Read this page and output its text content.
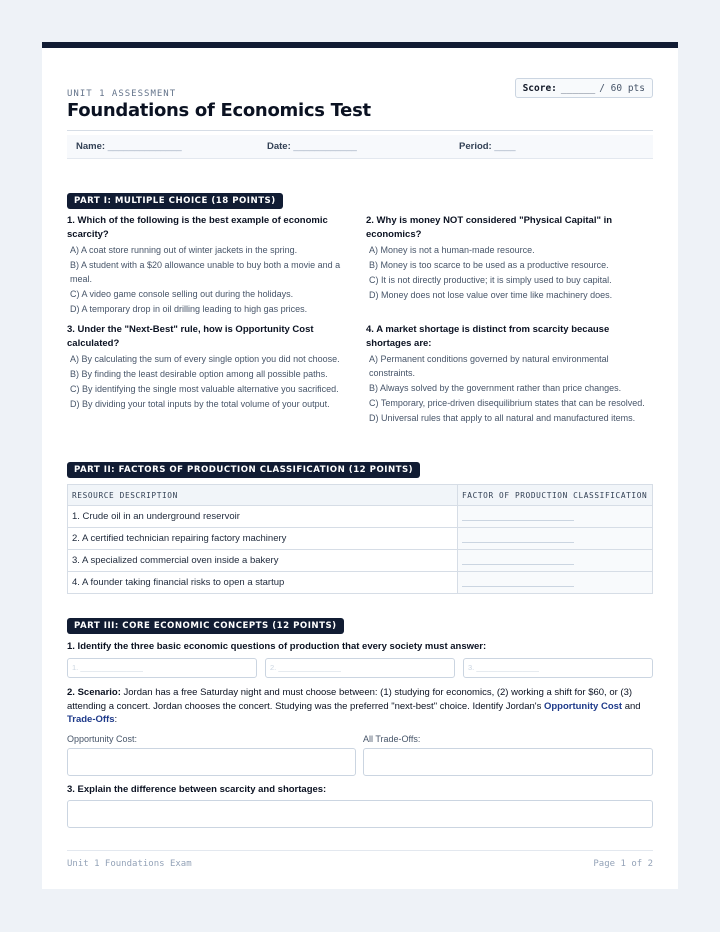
UNIT 1 ASSESSMENT
Score: ______ / 60 pts
Foundations of Economics Test
Name: ______________	Date: ____________	Period: ____
PART I: MULTIPLE CHOICE (18 POINTS)
1. Which of the following is the best example of economic scarcity?
A) A coat store running out of winter jackets in the spring.
B) A student with a $20 allowance unable to buy both a movie and a meal.
C) A video game console selling out during the holidays.
D) A temporary drop in oil drilling leading to high gas prices.
2. Why is money NOT considered "Physical Capital" in economics?
A) Money is not a human-made resource.
B) Money is too scarce to be used as a productive resource.
C) It is not directly productive; it is simply used to buy capital.
D) Money does not lose value over time like machinery does.
3. Under the "Next-Best" rule, how is Opportunity Cost calculated?
A) By calculating the sum of every single option you did not choose.
B) By finding the least desirable option among all possible paths.
C) By identifying the single most valuable alternative you sacrificed.
D) By dividing your total inputs by the total volume of your output.
4. A market shortage is distinct from scarcity because shortages are:
A) Permanent conditions governed by natural environmental constraints.
B) Always solved by the government rather than price changes.
C) Temporary, price-driven disequilibrium states that can be resolved.
D) Universal rules that apply to all natural and manufactured items.
PART II: FACTORS OF PRODUCTION CLASSIFICATION (12 POINTS)
RESOURCE DESCRIPTION	FACTOR OF PRODUCTION CLASSIFICATION
1. Crude oil in an underground reservoir	

2. A certified technician repairing factory machinery	

3. A specialized commercial oven inside a bakery	

4. A founder taking financial risks to open a startup	
PART III: CORE ECONOMIC CONCEPTS (12 POINTS)
1. Identify the three basic economic questions of production that every society must answer:
1. _______________	2. _______________	3. _______________
2. Scenario: Jordan has a free Saturday night and must choose between: (1) studying for economics, (2) working a shift for $60, or (3) attending a concert. Jordan chooses the concert. Studying was the preferred "next-best" choice. Identify Jordan's Opportunity Cost and Trade-Offs:
Opportunity Cost:	All Trade-Offs:
3. Explain the difference between scarcity and shortages:
Unit 1 Foundations Exam	Page 1 of 2
